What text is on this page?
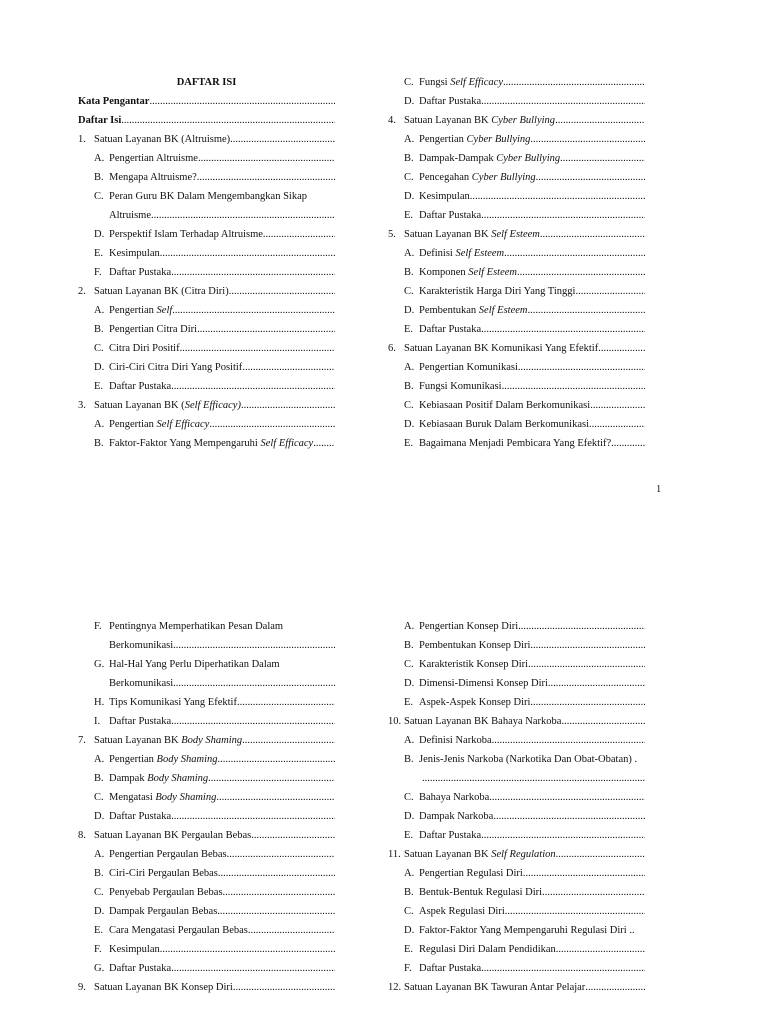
DAFTAR ISI
Kata Pengantar
.....
Daftar Isi
.....
1. Satuan Layanan BK (Altruisme)
.....
A. Pengertian Altruisme
.....
B. Mengapa Altruisme?
.....
C. Peran Guru BK Dalam Mengembangkan Sikap
Altruisme
.....
D. Perspektif Islam Terhadap Altruisme
.....
E. Kesimpulan
.....
F. Daftar Pustaka
.....
2. Satuan Layanan BK (Citra Diri)
.....
A. Pengertian Self
.....
B. Pengertian Citra Diri
.....
C. Citra Diri Positif
.....
D. Ciri-Ciri Citra Diri Yang Positif
.....
E. Daftar Pustaka
.....
3. Satuan Layanan BK (Self Efficacy)
.....
A. Pengertian Self Efficacy
.....
B. Faktor-Faktor Yang Mempengaruhi Self Efficacy
.....
C. Fungsi Self Efficacy
.....
D. Daftar Pustaka
.....
4. Satuan Layanan BK Cyber Bullying
.....
A. Pengertian Cyber Bullying
.....
B. Dampak-Dampak Cyber Bullying
.....
C. Pencegahan Cyber Bullying
.....
D. Kesimpulan
.....
E. Daftar Pustaka
.....
5. Satuan Layanan BK Self Esteem
.....
A. Definisi Self Esteem
.....
B. Komponen Self Esteem
.....
C. Karakteristik Harga Diri Yang Tinggi
.....
D. Pembentukan Self Esteem
.....
E. Daftar Pustaka
.....
6. Satuan Layanan BK Komunikasi Yang Efektif
.....
A. Pengertian Komunikasi
.....
B. Fungsi Komunikasi
.....
C. Kebiasaan Positif Dalam Berkomunikasi
.....
D. Kebiasaan Buruk Dalam Berkomunikasi
.....
E. Bagaimana Menjadi Pembicara Yang Efektif?
.....
1
F. Pentingnya Memperhatikan Pesan Dalam
Berkomunikasi
.....
G. Hal-Hal Yang Perlu Diperhatikan Dalam
Berkomunikasi
.....
H. Tips Komunikasi Yang Efektif
.....
I. Daftar Pustaka
.....
7. Satuan Layanan BK Body Shaming
.....
A. Pengertian Body Shaming
.....
B. Dampak Body Shaming
.....
C. Mengatasi Body Shaming
.....
D. Daftar Pustaka
.....
8. Satuan Layanan BK Pergaulan Bebas
.....
A. Pengertian Pergaulan Bebas
.....
B. Ciri-Ciri Pergaulan Bebas
.....
C. Penyebab Pergaulan Bebas
.....
D. Dampak Pergaulan Bebas
.....
E. Cara Mengatasi Pergaulan Bebas
.....
F. Kesimpulan
.....
G. Daftar Pustaka
.....
9. Satuan Layanan BK Konsep Diri
.....
A. Pengertian Konsep Diri
.....
B. Pembentukan Konsep Diri
.....
C. Karakteristik Konsep Diri
.....
D. Dimensi-Dimensi Konsep Diri
.....
E. Aspek-Aspek Konsep Diri
.....
10. Satuan Layanan BK Bahaya Narkoba
.....
A. Definisi Narkoba
.....
B. Jenis-Jenis Narkoba (Narkotika Dan Obat-Obatan) .
.....
C. Bahaya Narkoba
.....
D. Dampak Narkoba
.....
E. Daftar Pustaka
.....
11. Satuan Layanan BK Self Regulation
.....
A. Pengertian Regulasi Diri
.....
B. Bentuk-Bentuk Regulasi Diri
.....
C. Aspek Regulasi Diri
.....
D. Faktor-Faktor Yang Mempengaruhi Regulasi Diri ..
E. Regulasi Diri Dalam Pendidikan
.....
F. Daftar Pustaka
.....
12. Satuan Layanan BK Tawuran Antar Pelajar
.....
